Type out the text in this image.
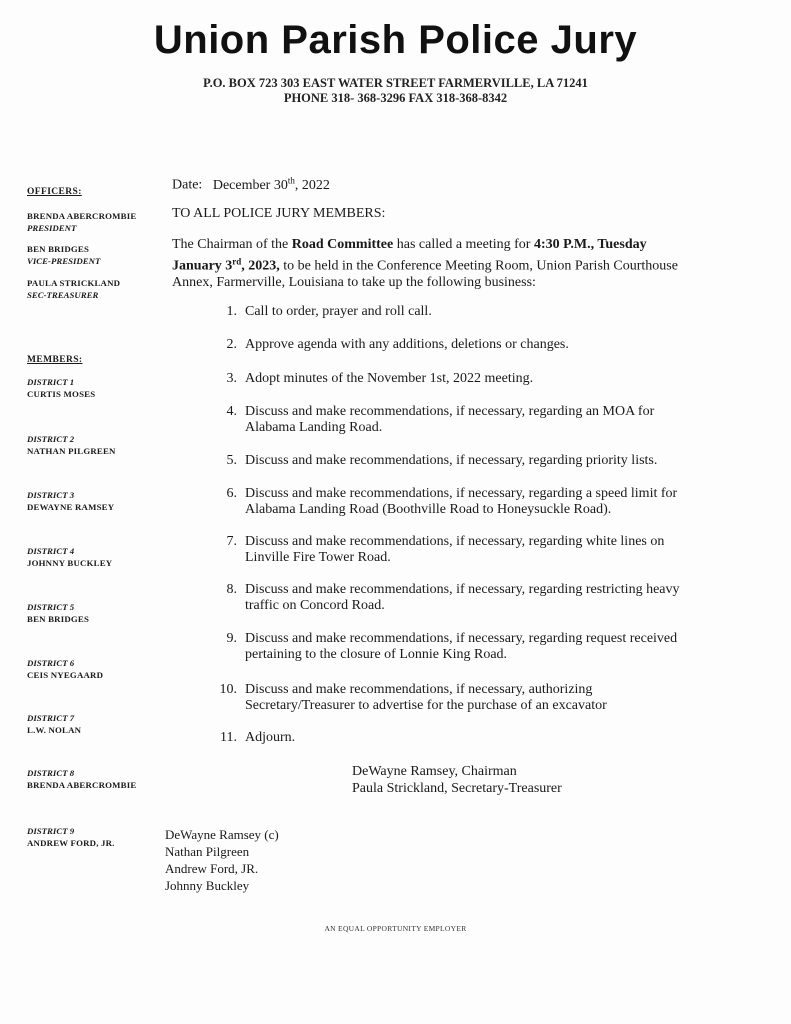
Union Parish Police Jury
P.O. BOX 723 303 EAST WATER STREET FARMERVILLE, LA 71241
PHONE 318- 368-3296 FAX 318-368-8342
OFFICERS:
BRENDA ABERCROMBIE
PRESIDENT
BEN BRIDGES
VICE-PRESIDENT
PAULA STRICKLAND
SEC-TREASURER
MEMBERS:
DISTRICT 1
CURTIS MOSES
DISTRICT 2
NATHAN PILGREEN
DISTRICT 3
DEWAYNE RAMSEY
DISTRICT 4
JOHNNY BUCKLEY
DISTRICT 5
BEN BRIDGES
DISTRICT 6
CEIS NYEGAARD
DISTRICT 7
L.W. NOLAN
DISTRICT 8
BRENDA ABERCROMBIE
DISTRICT 9
ANDREW FORD, JR.
Date: December 30th, 2022
TO ALL POLICE JURY MEMBERS:
The Chairman of the Road Committee has called a meeting for 4:30 P.M., Tuesday
January 3rd, 2023, to be held in the Conference Meeting Room, Union Parish Courthouse
Annex, Farmerville, Louisiana to take up the following business:
1. Call to order, prayer and roll call.
2. Approve agenda with any additions, deletions or changes.
3. Adopt minutes of the November 1st, 2022 meeting.
4. Discuss and make recommendations, if necessary, regarding an MOA for
Alabama Landing Road.
5. Discuss and make recommendations, if necessary, regarding priority lists.
6. Discuss and make recommendations, if necessary, regarding a speed limit for
Alabama Landing Road (Boothville Road to Honeysuckle Road).
7. Discuss and make recommendations, if necessary, regarding white lines on
Linville Fire Tower Road.
8. Discuss and make recommendations, if necessary, regarding restricting heavy
traffic on Concord Road.
9. Discuss and make recommendations, if necessary, regarding request received
pertaining to the closure of Lonnie King Road.
10. Discuss and make recommendations, if necessary, authorizing
Secretary/Treasurer to advertise for the purchase of an excavator
11. Adjourn.
DeWayne Ramsey, Chairman
Paula Strickland, Secretary-Treasurer
DeWayne Ramsey (c)
Nathan Pilgreen
Andrew Ford, JR.
Johnny Buckley
AN EQUAL OPPORTUNITY EMPLOYER
